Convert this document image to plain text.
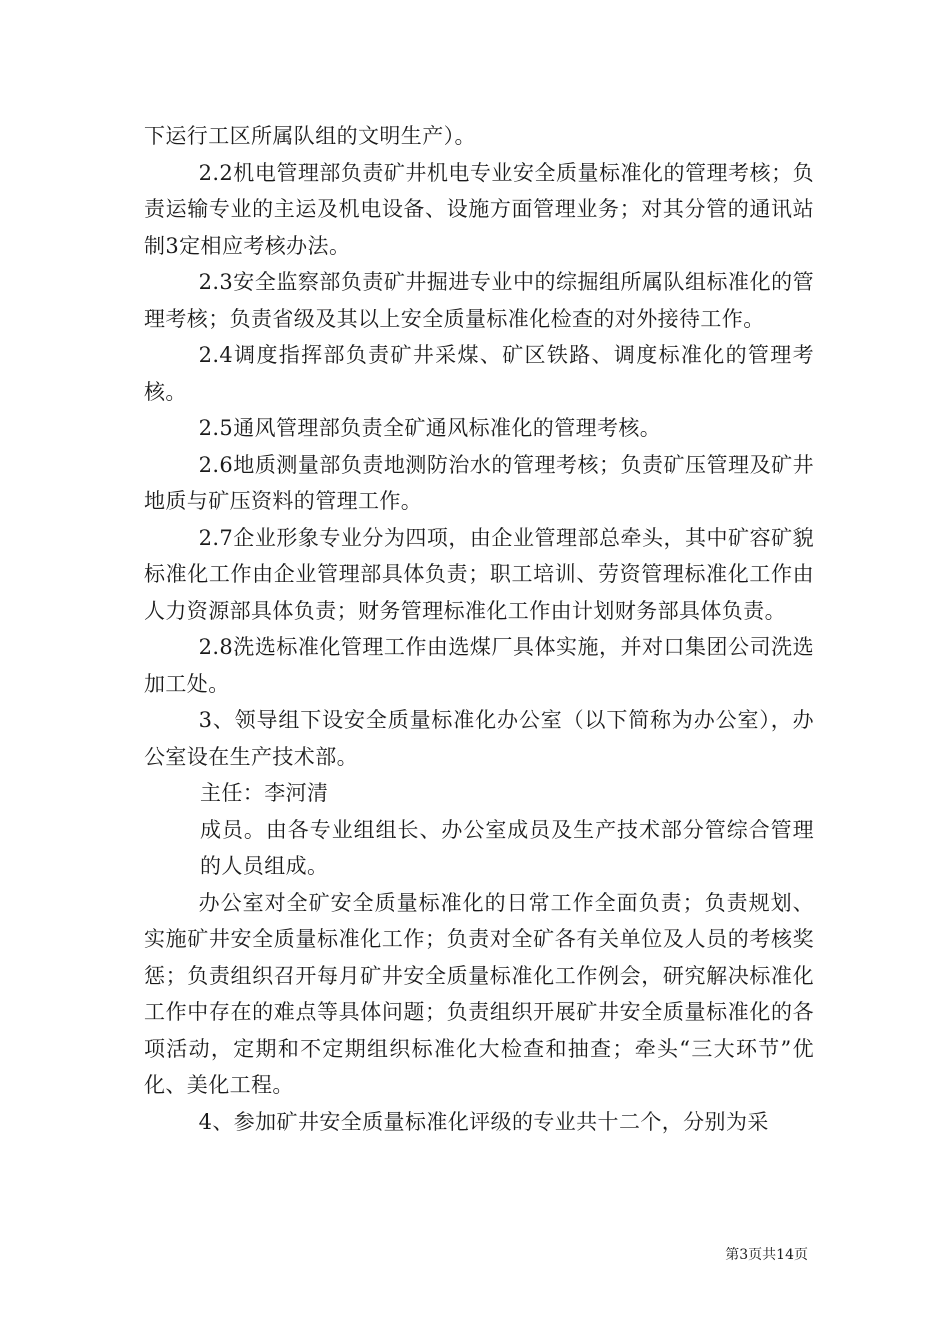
下运行工区所属队组的文明生产）。

2.2机电管理部负责矿井机电专业安全质量标准化的管理考核；负责运输专业的主运及机电设备、设施方面管理业务；对其分管的通讯站制3定相应考核办法。

2.3安全监察部负责矿井掘进专业中的综掘组所属队组标准化的管理考核；负责省级及其以上安全质量标准化检查的对外接待工作。

2.4调度指挥部负责矿井采煤、矿区铁路、调度标准化的管理考核。

2.5通风管理部负责全矿通风标准化的管理考核。

2.6地质测量部负责地测防治水的管理考核；负责矿压管理及矿井地质与矿压资料的管理工作。

2.7企业形象专业分为四项，由企业管理部总牵头，其中矿容矿貌标准化工作由企业管理部具体负责；职工培训、劳资管理标准化工作由人力资源部具体负责；财务管理标准化工作由计划财务部具体负责。

2.8洗选标准化管理工作由选煤厂具体实施，并对口集团公司洗选加工处。

3、领导组下设安全质量标准化办公室（以下简称为办公室），办公室设在生产技术部。

主任：李河清

成员。由各专业组组长、办公室成员及生产技术部分管综合管理的人员组成。

办公室对全矿安全质量标准化的日常工作全面负责；负责规划、实施矿井安全质量标准化工作；负责对全矿各有关单位及人员的考核奖惩；负责组织召开每月矿井安全质量标准化工作例会，研究解决标准化工作中存在的难点等具体问题；负责组织开展矿井安全质量标准化的各项活动，定期和不定期组织标准化大检查和抽查；牵头“三大环节”优化、美化工程。

4、参加矿井安全质量标准化评级的专业共十二个，分别为采

第3页共14页
